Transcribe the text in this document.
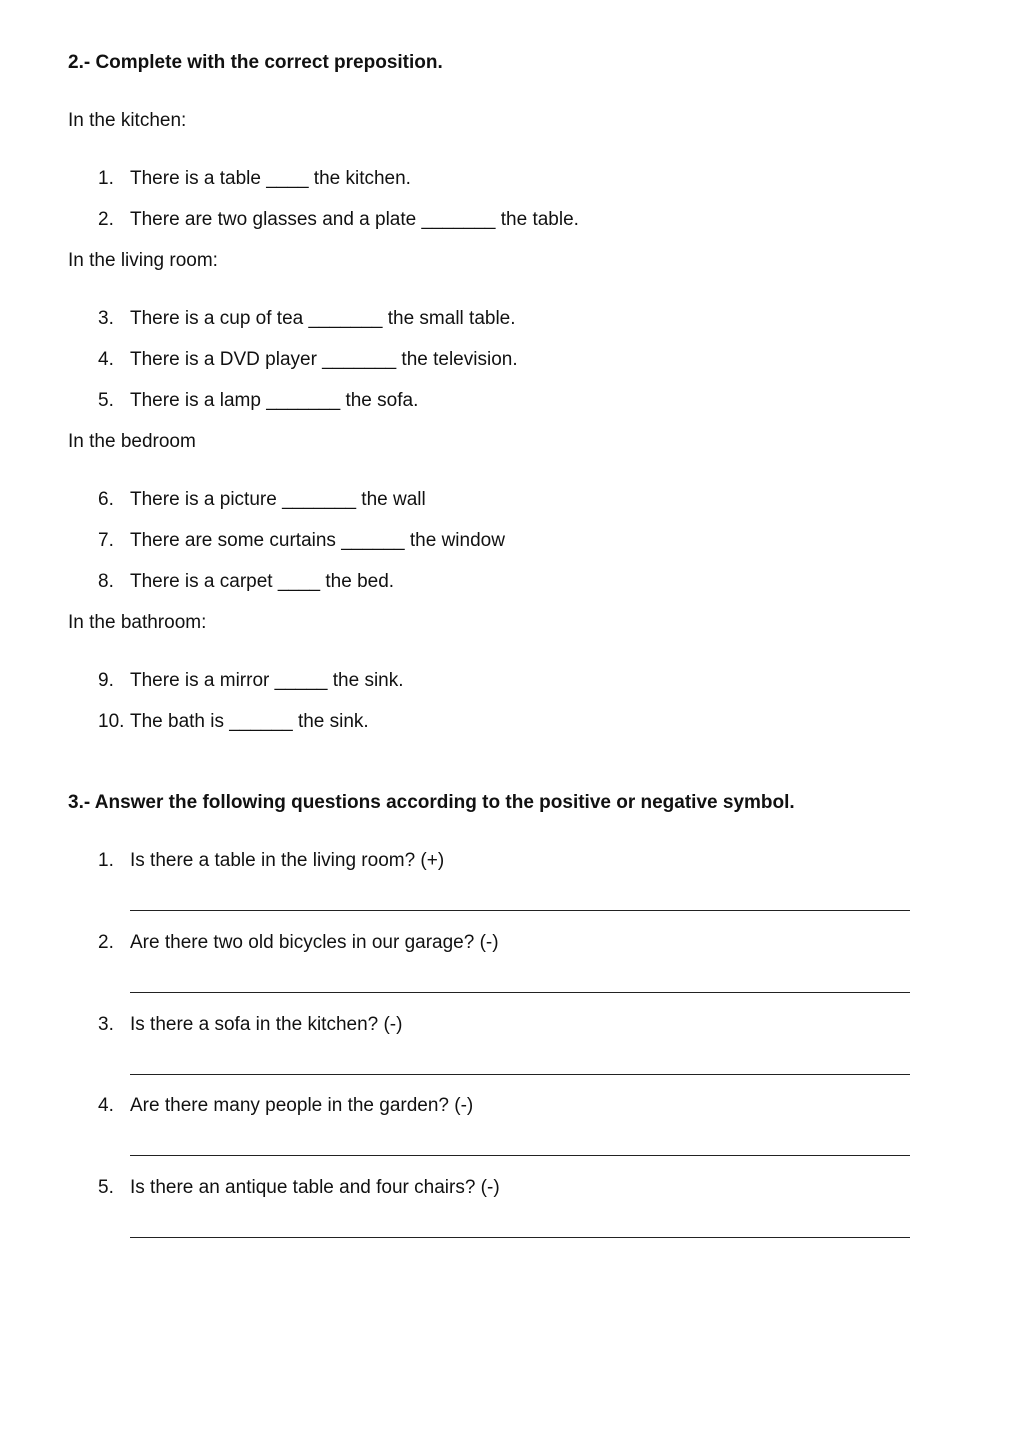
2.- Complete with the correct preposition.
In the kitchen:
1. There is a table ____ the kitchen.
2. There are two glasses and a plate _______ the table.
In the living room:
3. There is a cup of tea _______ the small table.
4. There is a DVD player _______ the television.
5. There is a lamp _______ the sofa.
In the bedroom
6. There is a picture _______ the wall
7. There are some curtains ______ the window
8. There is a carpet ____ the bed.
In the bathroom:
9. There is a mirror _____ the sink.
10. The bath is ______ the sink.
3.- Answer the following questions according to the positive or negative symbol.
1. Is there a table in the living room? (+)
2. Are there two old bicycles in our garage? (-)
3. Is there a sofa in the kitchen? (-)
4. Are there many people in the garden? (-)
5. Is there an antique table and four chairs? (-)
